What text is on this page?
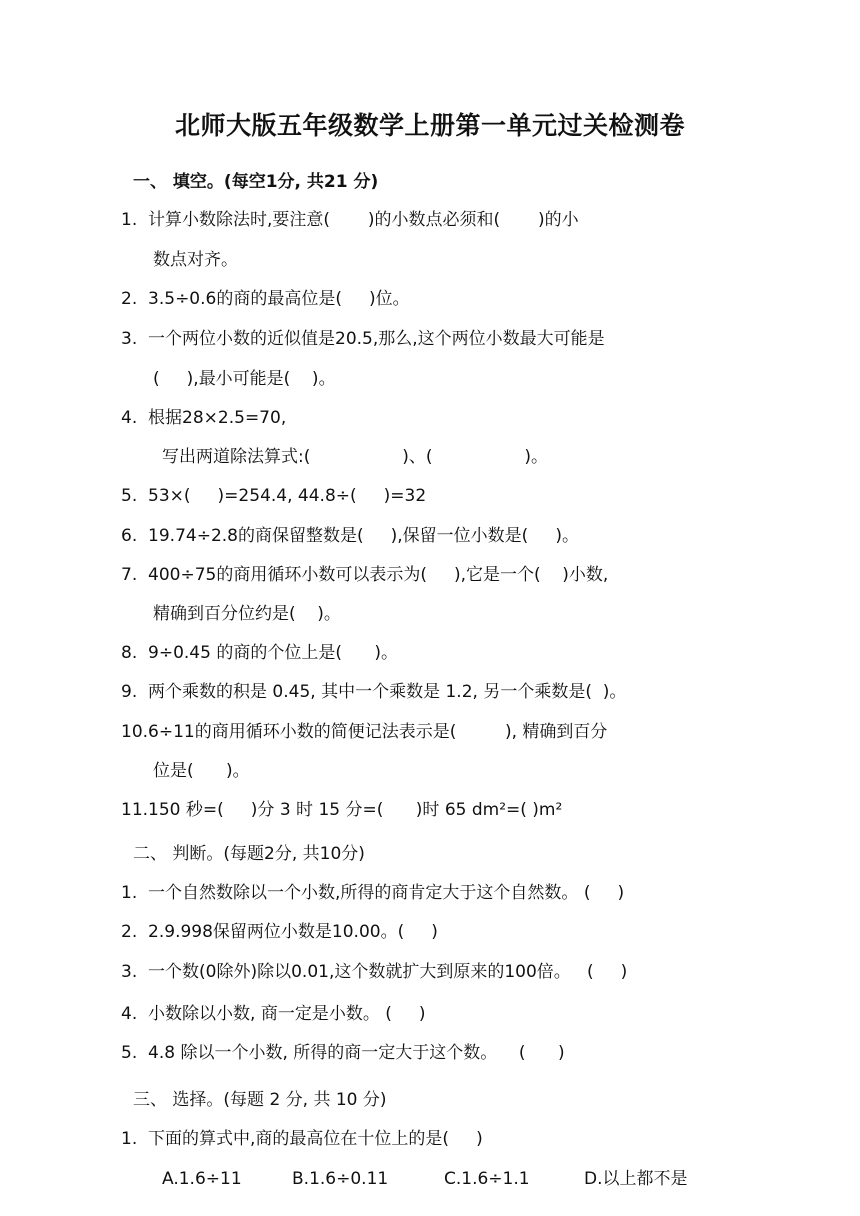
北师大版五年级数学上册第一单元过关检测卷
一、 填空。(每空1分, 共21 分)
1.  计算小数除法时,要注意(       )的小数点必须和(       )的小
数点对齐。
2.  3.5÷0.6的商的最高位是(     )位。
3.  一个两位小数的近似值是20.5,那么,这个两位小数最大可能是
(     ),最小可能是(    )。
4.  根据28×2.5=70,
写出两道除法算式:(                 )、(                 )。
5.  53×(     )=254.4, 44.8÷(     )=32
6.  19.74÷2.8的商保留整数是(     ),保留一位小数是(     )。
7.  400÷75的商用循环小数可以表示为(     ),它是一个(    )小数,
精确到百分位约是(    )。
8.  9÷0.45 的商的个位上是(      )。
9.  两个乘数的积是 0.45, 其中一个乘数是 1.2, 另一个乘数是(  )。
10.6÷11的商用循环小数的简便记法表示是(         ), 精确到百分
位是(      )。
11.150 秒=(     )分 3 时 15 分=(      )时 65 dm²=( )m²
二、 判断。(每题2分, 共10分)
1.  一个自然数除以一个小数,所得的商肯定大于这个自然数。 (     )
2.  2.9.998保留两位小数是10.00。(     )
3.  一个数(0除外)除以0.01,这个数就扩大到原来的100倍。   (     )
4.  小数除以小数, 商一定是小数。 (     )
5.  4.8 除以一个小数, 所得的商一定大于这个数。    (      )
三、 选择。(每题 2 分, 共 10 分)
1.  下面的算式中,商的最高位在十位上的是(     )
A.1.6÷11	B.1.6÷0.11	C.1.6÷1.1	D.以上都不是
